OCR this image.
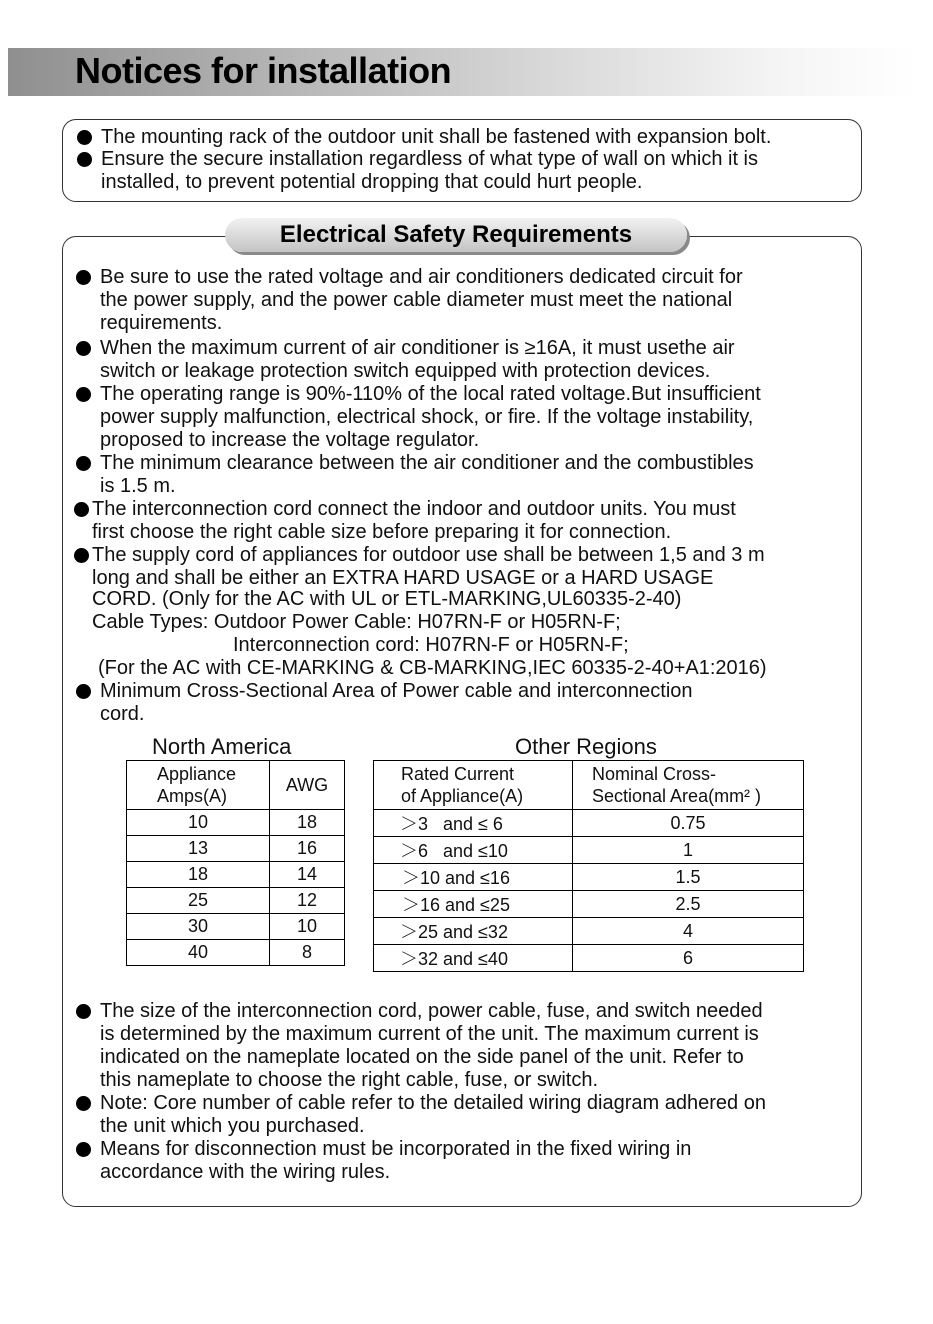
Notices for installation
The mounting rack of the outdoor unit shall be fastened with expansion bolt.
Ensure the secure installation regardless of what type of wall on which it is
installed, to prevent potential dropping that could hurt people.
Electrical Safety Requirements
Be sure to use the rated voltage and air conditioners dedicated circuit for
the power supply, and the power cable diameter must meet the national
requirements.
When the maximum current of air conditioner is ≥16A, it must usethe air
switch or leakage protection switch equipped with protection devices.
The operating range is 90%-110% of the local rated voltage.But insufficient
power supply malfunction, electrical shock, or fire. If the voltage instability,
proposed to increase the voltage regulator.
The minimum clearance between the air conditioner and the combustibles
is 1.5 m.
The interconnection cord connect the indoor and outdoor units. You must
first choose the right cable size before preparing it for connection.
The supply cord of appliances for outdoor use shall be between 1,5 and 3 m
long and shall be either an EXTRA HARD USAGE or a HARD USAGE
CORD. (Only for the AC with UL or ETL-MARKING,UL60335-2-40)
Cable Types: Outdoor Power Cable: H07RN-F or H05RN-F;
Interconnection cord: H07RN-F or H05RN-F;
(For the AC with CE-MARKING & CB-MARKING,IEC 60335-2-40+A1:2016)
Minimum Cross-Sectional Area of Power cable and interconnection
cord.
North America
Appliance
Amps(A)	AWG
10	18
13	16
18	14
25	12
30	10
40	8
Other Regions
Rated Current
of Appliance(A)	Nominal Cross-
Sectional Area(mm² )
＞3   and ≤ 6	0.75
＞6   and ≤10	1
＞10 and ≤16	1.5
＞16 and ≤25	2.5
＞25 and ≤32	4
＞32 and ≤40	6
The size of the interconnection cord, power cable, fuse, and switch needed
is determined by the maximum current of the unit. The maximum current is
indicated on the nameplate located on the side panel of the unit. Refer to
this nameplate to choose the right cable, fuse, or switch.
Note: Core number of cable refer to the detailed wiring diagram adhered on
the unit which you purchased.
Means for disconnection must be incorporated in the fixed wiring in
accordance with the wiring rules.
